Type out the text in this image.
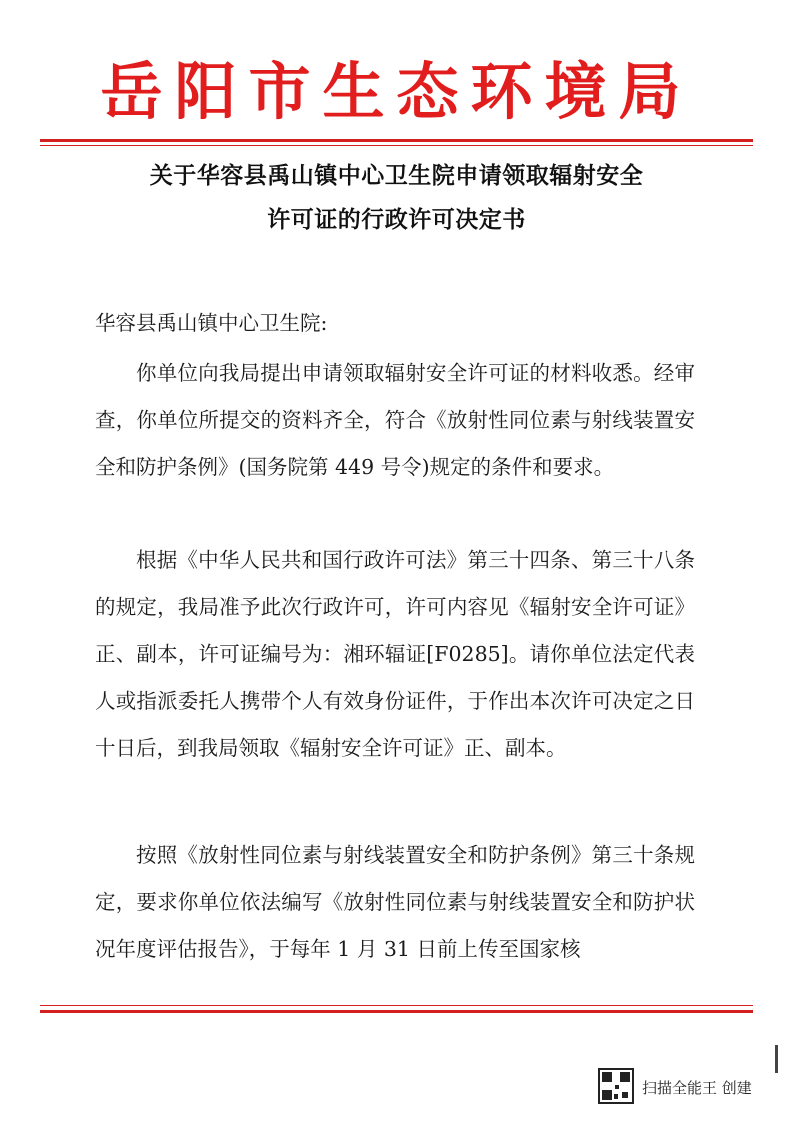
岳阳市生态环境局
关于华容县禹山镇中心卫生院申请领取辐射安全
许可证的行政许可决定书
华容县禹山镇中心卫生院:
你单位向我局提出申请领取辐射安全许可证的材料收悉。经审查，你单位所提交的资料齐全，符合《放射性同位素与射线装置安全和防护条例》(国务院第 449 号令)规定的条件和要求。
根据《中华人民共和国行政许可法》第三十四条、第三十八条的规定，我局准予此次行政许可，许可内容见《辐射安全许可证》正、副本，许可证编号为：湘环辐证[F0285]。请你单位法定代表人或指派委托人携带个人有效身份证件，于作出本次许可决定之日十日后，到我局领取《辐射安全许可证》正、副本。
按照《放射性同位素与射线装置安全和防护条例》第三十条规定，要求你单位依法编写《放射性同位素与射线装置安全和防护状况年度评估报告》，于每年 1 月 31 日前上传至国家核
扫描全能王 创建
